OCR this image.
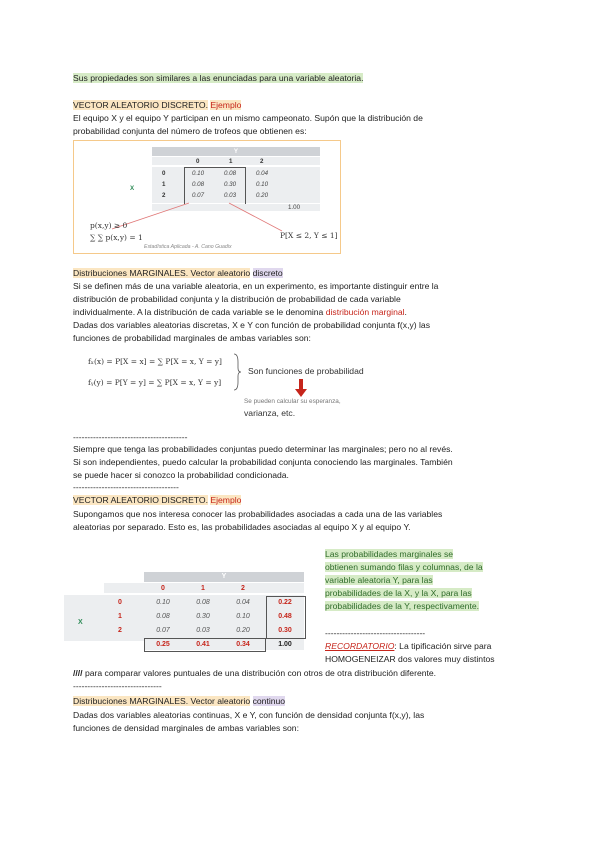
Sus propiedades son similares a las enunciadas para una variable aleatoria.
VECTOR ALEATORIO DISCRETO. Ejemplo
El equipo X y el equipo Y participan en un mismo campeonato. Supón que la distribución de
probabilidad conjunta del número de trofeos que obtienen es:
Y
0	1	2
X
0	0.10	0.08	0.04
1	0.08	0.30	0.10
2	0.07	0.03	0.20
1.00
p(x,y) ≥ 0
∑ ∑ p(x,y) = 1	P[X ≤ 2, Y ≤ 1]
Estadística Aplicada - A. Cano Guadix
Distribuciones MARGINALES. Vector aleatorio discreto
Si se definen más de una variable aleatoria, en un experimento, es importante distinguir entre la
distribución de probabilidad conjunta y la distribución de probabilidad de cada variable
individualmente. A la distribución de cada variable se le denomina distribución marginal.
Dadas dos variables aleatorias discretas, X e Y con función de probabilidad conjunta f(x,y) las
funciones de probabilidad marginales de ambas variables son:
fₓ(x) = P[X = x] = ∑ P[X = x, Y = y]
fᵧ(y) = P[Y = y] = ∑ P[X = x, Y = y]
Son funciones de probabilidad
Se pueden calcular su esperanza,
varianza, etc.
----------------------------------------
Siempre que tenga las probabilidades conjuntas puedo determinar las marginales; pero no al revés.
Si son independientes, puedo calcular la probabilidad conjunta conociendo las marginales. También
se puede hacer si conozco la probabilidad condicionada.
-------------------------------------
VECTOR ALEATORIO DISCRETO. Ejemplo
Supongamos que nos interesa conocer las probabilidades asociadas a cada una de las variables
aleatorias por separado. Esto es, las probabilidades asociadas al equipo X y al equipo Y.
Y
0	1	2
X
0	0.10	0.08	0.04	0.22
1	0.08	0.30	0.10	0.48
2	0.07	0.03	0.20	0.30
0.25	0.41	0.34	1.00
Las probabilidades marginales se
obtienen sumando filas y columnas, de la
variable aleatoria Y, para las
probabilidades de la X, y la X, para las
probabilidades de la Y, respectivamente.
-----------------------------------
RECORDATORIO: La tipificación sirve para
HOMOGENEIZAR dos valores muy distintos
//// para comparar valores puntuales de una distribución con otros de otra distribución diferente.
-------------------------------
Distribuciones MARGINALES. Vector aleatorio continuo
Dadas dos variables aleatorias continuas, X e Y, con función de densidad conjunta f(x,y), las
funciones de densidad marginales de ambas variables son:
